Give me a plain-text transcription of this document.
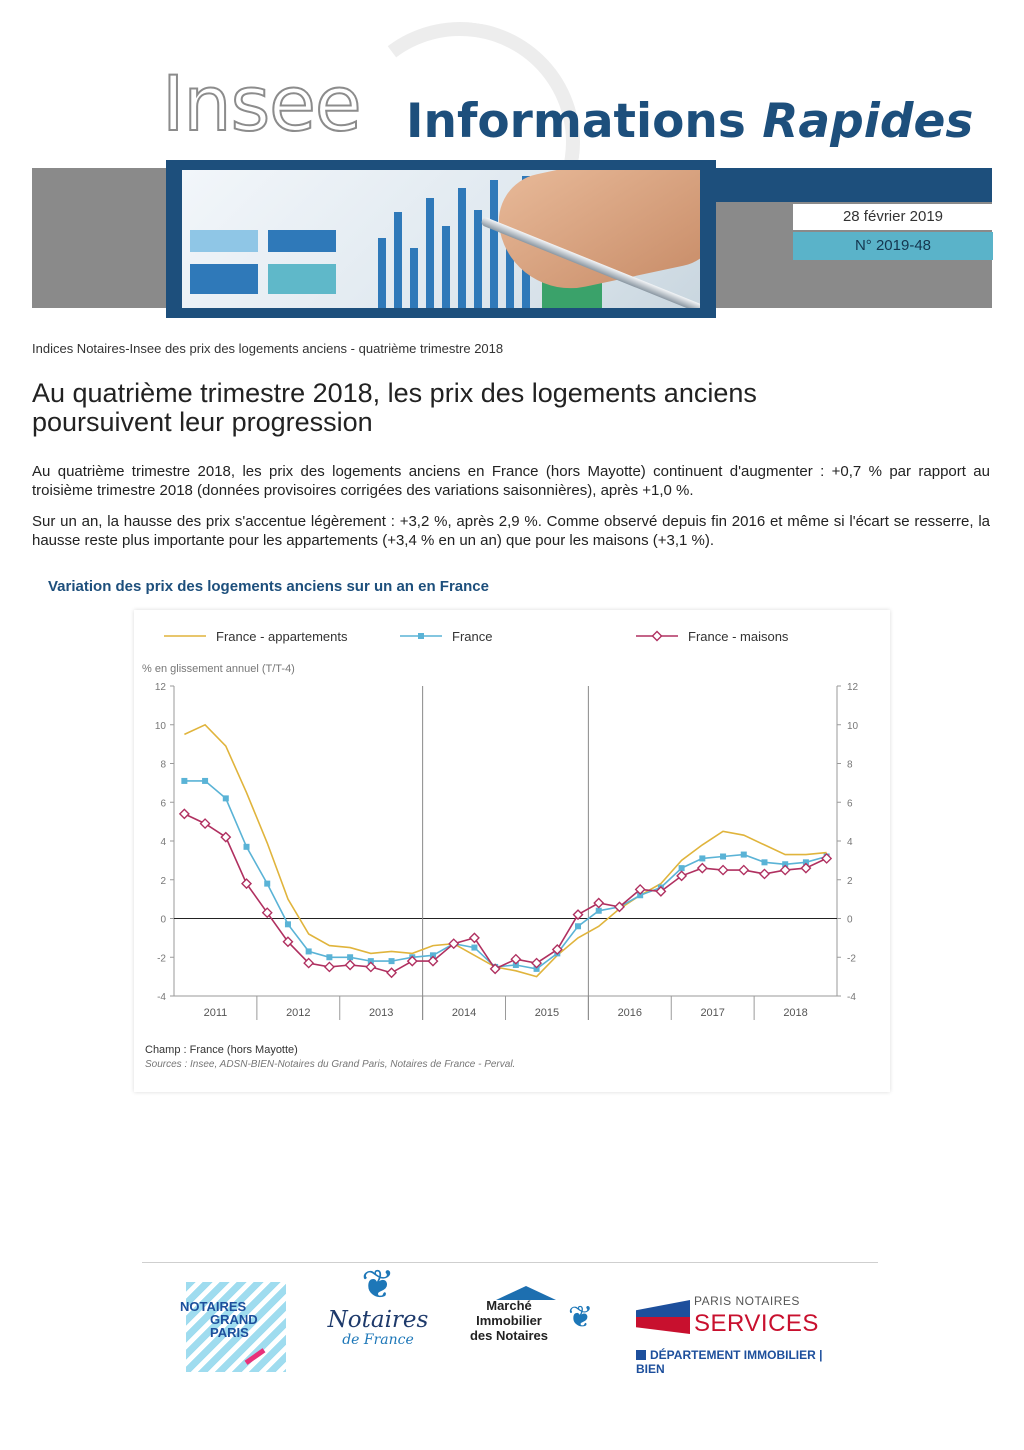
Insee Informations Rapides
28 février 2019
N° 2019-48
Indices Notaires-Insee des prix des logements anciens - quatrième trimestre 2018
Au quatrième trimestre 2018, les prix des logements anciens
poursuivent leur progression

Au quatrième trimestre 2018, les prix des logements anciens en France (hors Mayotte) continuent d'augmenter : +0,7 % par rapport au troisième trimestre 2018 (données provisoires corrigées des variations saisonnières), après +1,0 %.

Sur un an, la hausse des prix s'accentue légèrement : +3,2 %, après 2,9 %. Comme observé depuis fin 2016 et même si l'écart se resserre, la hausse reste plus importante pour les appartements (+3,4 % en un an) que pour les maisons (+3,1 %).

Variation des prix des logements anciens sur un an en France
12	12
10	10
8	8
6	6
4	4
2	2
0	0
-2	-2
-4	-4
2011	2012	2013	2014	2015	2016	2017	2018
% en glissement annuel (T/T-4)
France - appartements	France	France - maisons
Champ : France (hors Mayotte)
Sources : Insee, ADSN-BIEN-Notaires du Grand Paris, Notaires de France - Perval.
NOTAIRES
GRAND
PARIS
❦
Notaires
de France
Marché
Immobilier
des Notaires
❦	PARIS NOTAIRES
SERVICES
DÉPARTEMENT IMMOBILIER | BIEN
